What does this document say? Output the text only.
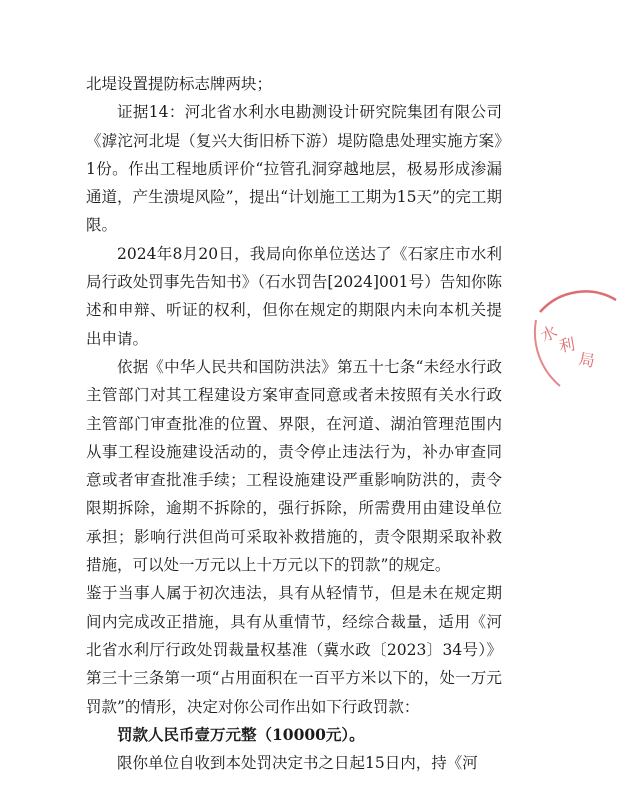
北堤设置提防标志牌两块；

证据14：河北省水利水电勘测设计研究院集团有限公司《滹沱河北堤（复兴大街旧桥下游）堤防隐患处理实施方案》1份。作出工程地质评价“拉管孔洞穿越地层，极易形成渗漏通道，产生溃堤风险”，提出“计划施工工期为15天”的完工期限。

2024年8月20日，我局向你单位送达了《石家庄市水利局行政处罚事先告知书》（石水罚告[2024]001号）告知你陈述和申辩、听证的权利，但你在规定的期限内未向本机关提出申请。

依据《中华人民共和国防洪法》第五十七条“未经水行政主管部门对其工程建设方案审查同意或者未按照有关水行政主管部门审查批准的位置、界限，在河道、湖泊管理范围内从事工程设施建设活动的，责令停止违法行为，补办审查同意或者审查批准手续；工程设施建设严重影响防洪的，责令限期拆除，逾期不拆除的，强行拆除，所需费用由建设单位承担；影响行洪但尚可采取补救措施的，责令限期采取补救措施，可以处一万元以上十万元以下的罚款”的规定。

鉴于当事人属于初次违法，具有从轻情节，但是未在规定期间内完成改正措施，具有从重情节，经综合裁量，适用《河北省水利厅行政处罚裁量权基准（冀水政〔2023〕34号）》第三十三条第一项“占用面积在一百平方米以下的，处一万元罚款”的情形，决定对你公司作出如下行政罚款：

罚款人民币壹万元整（10000元）。

限你单位自收到本处罚决定书之日起15日内，持《河

水
利
局
